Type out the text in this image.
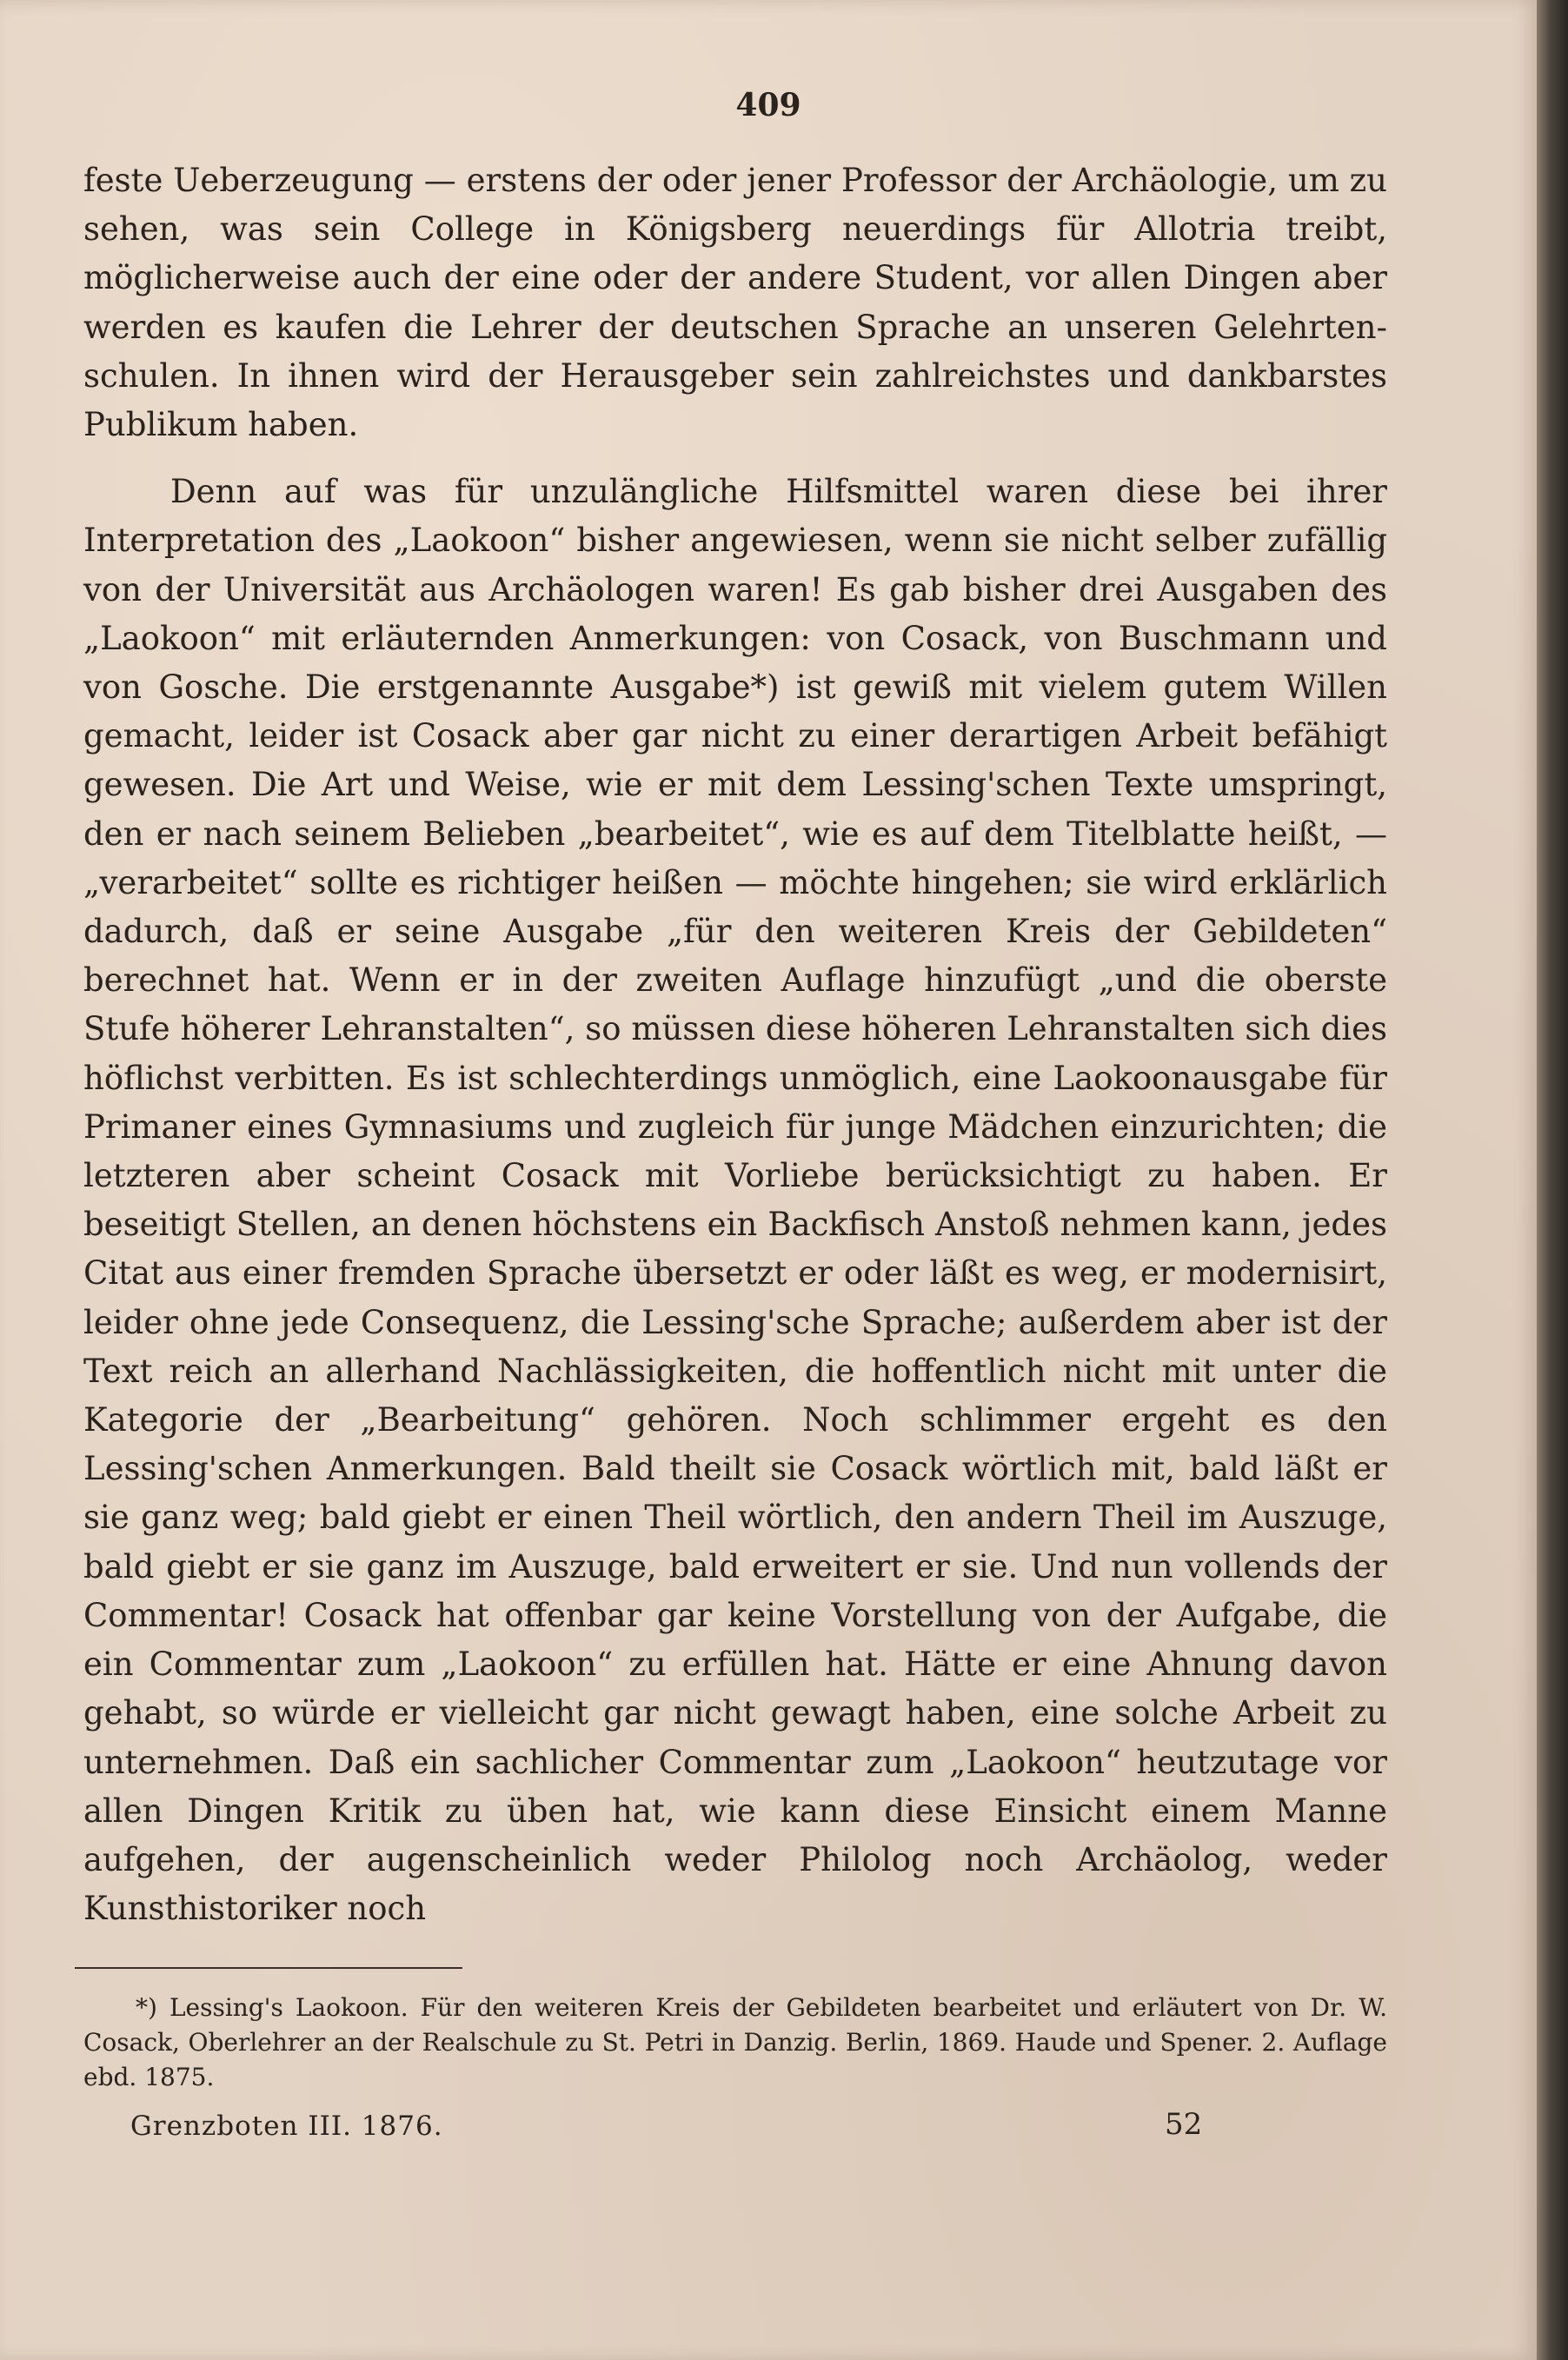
409

feste Ueberzeugung — erstens der oder jener Professor der Archäologie, um zu sehen, was sein College in Königsberg neuerdings für Allotria treibt, möglicherweise auch der eine oder der andere Student, vor allen Dingen aber werden es kaufen die Lehrer der deutschen Sprache an unseren Gelehrten-schulen. In ihnen wird der Herausgeber sein zahlreichstes und dankbarstes Publikum haben.

Denn auf was für unzulängliche Hilfsmittel waren diese bei ihrer Interpretation des „Laokoon“ bisher angewiesen, wenn sie nicht selber zufällig von der Universität aus Archäologen waren! Es gab bisher drei Ausgaben des „Laokoon“ mit erläuternden Anmerkungen: von Cosack, von Buschmann und von Gosche. Die erstgenannte Ausgabe*) ist gewiß mit vielem gutem Willen gemacht, leider ist Cosack aber gar nicht zu einer derartigen Arbeit befähigt gewesen. Die Art und Weise, wie er mit dem Lessing'schen Texte umspringt, den er nach seinem Belieben „bearbeitet“, wie es auf dem Titelblatte heißt, — „verarbeitet“ sollte es richtiger heißen — möchte hingehen; sie wird erklärlich dadurch, daß er seine Ausgabe „für den weiteren Kreis der Gebildeten“ berechnet hat. Wenn er in der zweiten Auflage hinzufügt „und die oberste Stufe höherer Lehranstalten“, so müssen diese höheren Lehranstalten sich dies höflichst verbitten. Es ist schlechterdings unmöglich, eine Laokoonausgabe für Primaner eines Gymnasiums und zugleich für junge Mädchen einzurichten; die letzteren aber scheint Cosack mit Vorliebe berücksichtigt zu haben. Er beseitigt Stellen, an denen höchstens ein Backfisch Anstoß nehmen kann, jedes Citat aus einer fremden Sprache übersetzt er oder läßt es weg, er modernisirt, leider ohne jede Consequenz, die Lessing'sche Sprache; außerdem aber ist der Text reich an allerhand Nachlässigkeiten, die hoffentlich nicht mit unter die Kategorie der „Bearbeitung“ gehören. Noch schlimmer ergeht es den Lessing'schen Anmerkungen. Bald theilt sie Cosack wörtlich mit, bald läßt er sie ganz weg; bald giebt er einen Theil wörtlich, den andern Theil im Auszuge, bald giebt er sie ganz im Auszuge, bald erweitert er sie. Und nun vollends der Commentar! Cosack hat offenbar gar keine Vorstellung von der Aufgabe, die ein Commentar zum „Laokoon“ zu erfüllen hat. Hätte er eine Ahnung davon gehabt, so würde er vielleicht gar nicht gewagt haben, eine solche Arbeit zu unternehmen. Daß ein sachlicher Commentar zum „Laokoon“ heutzutage vor allen Dingen Kritik zu üben hat, wie kann diese Einsicht einem Manne aufgehen, der augenscheinlich weder Philolog noch Archäolog, weder Kunsthistoriker noch

*) Lessing's Laokoon. Für den weiteren Kreis der Gebildeten bearbeitet und erläutert von Dr. W. Cosack, Oberlehrer an der Realschule zu St. Petri in Danzig. Berlin, 1869. Haude und Spener. 2. Auflage ebd. 1875.

Grenzboten III. 1876.	52
